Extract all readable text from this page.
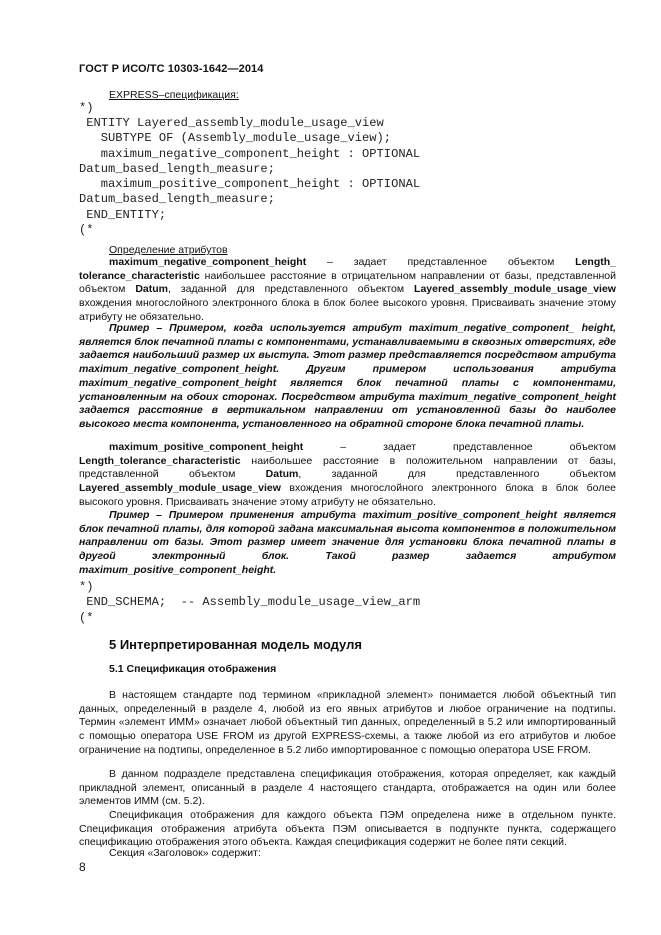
ГОСТ Р ИСО/ТС 10303-1642—2014
EXPRESS–спецификация:
*)
ENTITY Layered_assembly_module_usage_view
SUBTYPE OF (Assembly_module_usage_view);
maximum_negative_component_height : OPTIONAL
Datum_based_length_measure;
maximum_positive_component_height : OPTIONAL
Datum_based_length_measure;
END_ENTITY;
(*
Определение атрибутов
maximum_negative_component_height – задает представленное объектом Length_ tolerance_characteristic наибольшее расстояние в отрицательном направлении от базы, представленной объектом Datum, заданной для представленного объектом Layered_assembly_module_usage_view вхождения многослойного электронного блока в блок более высокого уровня. Присваивать значение этому атрибуту не обязательно.
Пример – Примером, когда используется атрибут maximum_negative_component_ height, является блок печатной платы с компонентами, устанавливаемыми в сквозных отверстиях, где задается наибольший размер их выступа. Этот размер представляется посредством атрибута maximum_negative_component_height. Другим примером использования атрибута maximum_negative_component_height является блок печатной платы с компонентами, установленным на обоих сторонах. Посредством атрибута maximum_negative_component_height задается расстояние в вертикальном направлении от установленной базы до наиболее высокого места компонента, установленного на обратной стороне блока печатной платы.
maximum_positive_component_height – задает представленное объектом Length_tolerance_characteristic наибольшее расстояние в положительном направлении от базы, представленной объектом Datum, заданной для представленного объектом Layered_assembly_module_usage_view вхождения многослойного электронного блока в блок более высокого уровня. Присваивать значение этому атрибуту не обязательно.
Пример – Примером применения атрибута maximum_positive_component_height является блок печатной платы, для которой задана максимальная высота компонентов в положительном направлении от базы. Этот размер имеет значение для установки блока печатной платы в другой электронный блок. Такой размер задается атрибутом maximum_positive_component_height.
*)
END_SCHEMA;  -- Assembly_module_usage_view_arm
(*
5 Интерпретированная модель модуля
5.1 Спецификация отображения
В настоящем стандарте под термином «прикладной элемент» понимается любой объектный тип данных, определенный в разделе 4, любой из его явных атрибутов и любое ограничение на подтипы. Термин «элемент ИММ» означает любой объектный тип данных, определенный в 5.2 или импортированный с помощью оператора USE FROM из другой EXPRESS-схемы, а также любой из его атрибутов и любое ограничение на подтипы, определенное в 5.2 либо импортированное с помощью оператора USE FROM.
В данном подразделе представлена спецификация отображения, которая определяет, как каждый прикладной элемент, описанный в разделе 4 настоящего стандарта, отображается на один или более элементов ИММ (см. 5.2).
Спецификация отображения для каждого объекта ПЭМ определена ниже в отдельном пункте. Спецификация отображения атрибута объекта ПЭМ описывается в подпункте пункта, содержащего спецификацию отображения этого объекта. Каждая спецификация содержит не более пяти секций.
Секция «Заголовок» содержит:
8
